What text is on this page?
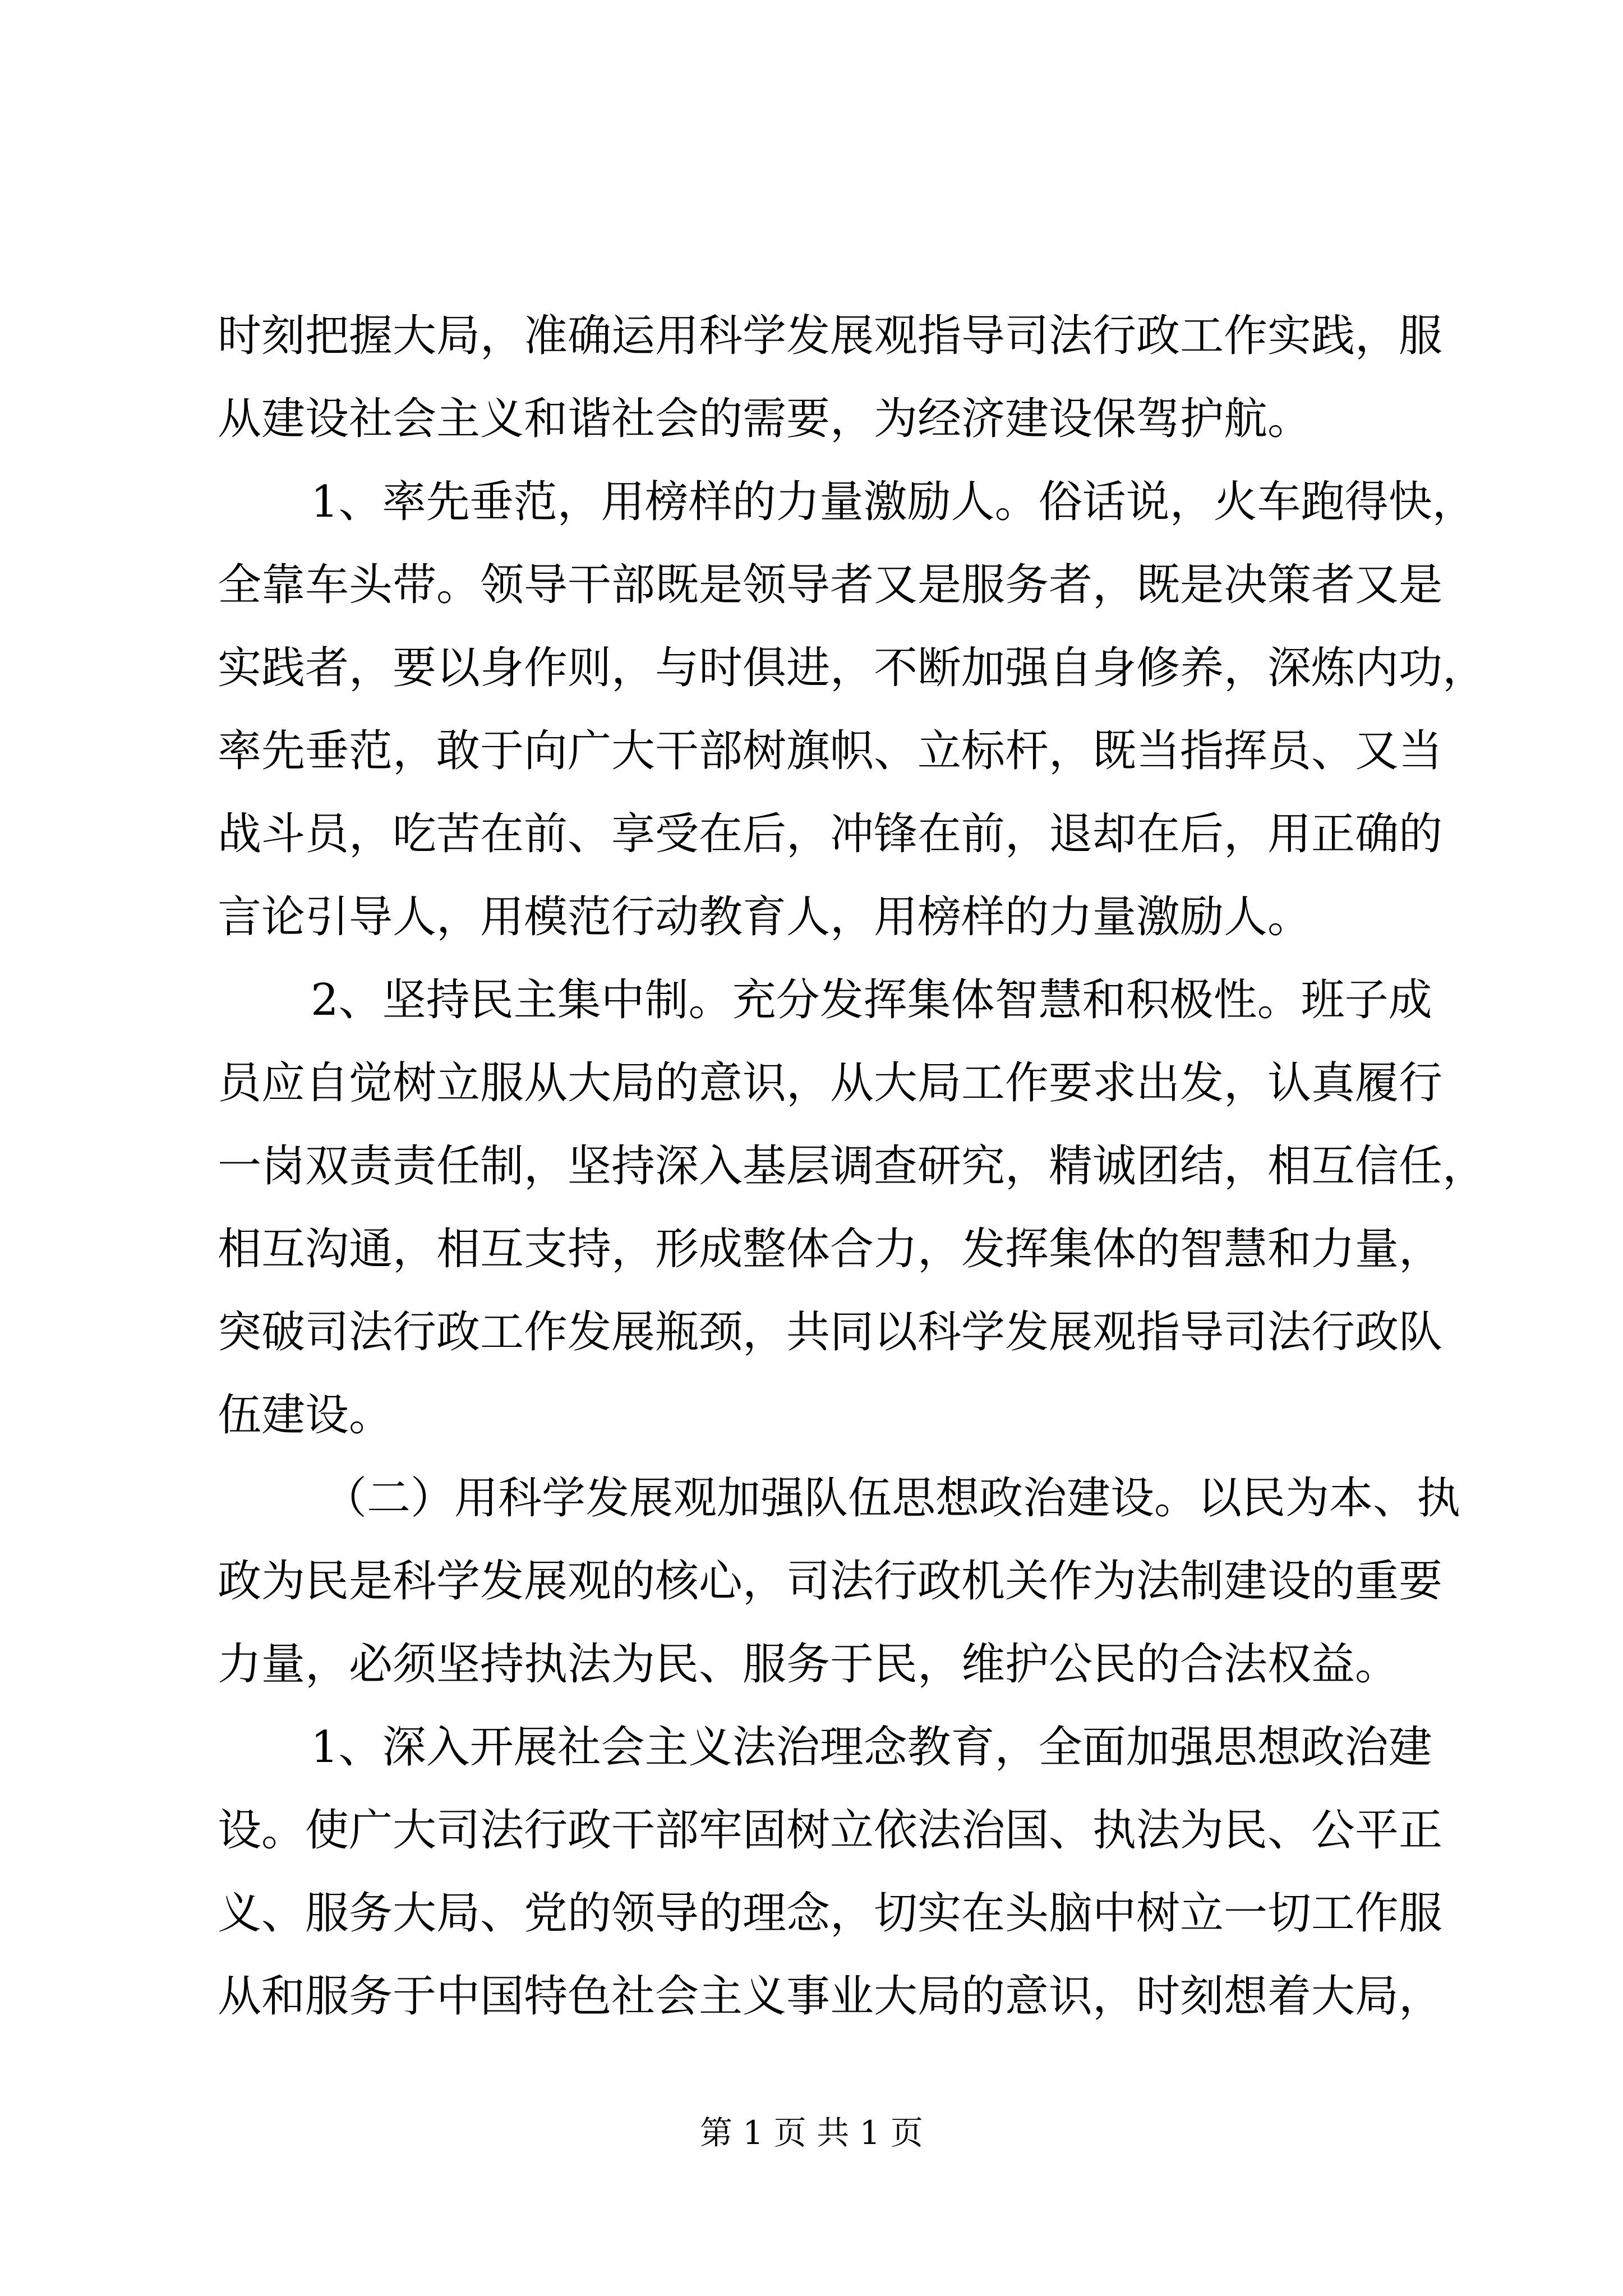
时刻把握大局，准确运用科学发展观指导司法行政工作实践，服
从建设社会主义和谐社会的需要，为经济建设保驾护航。
1、率先垂范，用榜样的力量激励人。俗话说，火车跑得快，
全靠车头带。领导干部既是领导者又是服务者，既是决策者又是
实践者，要以身作则，与时俱进，不断加强自身修养，深炼内功，
率先垂范，敢于向广大干部树旗帜、立标杆，既当指挥员、又当
战斗员，吃苦在前、享受在后，冲锋在前，退却在后，用正确的
言论引导人，用模范行动教育人，用榜样的力量激励人。
2、坚持民主集中制。充分发挥集体智慧和积极性。班子成
员应自觉树立服从大局的意识，从大局工作要求出发，认真履行
一岗双责责任制，坚持深入基层调查研究，精诚团结，相互信任，
相互沟通，相互支持，形成整体合力，发挥集体的智慧和力量，
突破司法行政工作发展瓶颈，共同以科学发展观指导司法行政队
伍建设。
（二）用科学发展观加强队伍思想政治建设。以民为本、执
政为民是科学发展观的核心，司法行政机关作为法制建设的重要
力量，必须坚持执法为民、服务于民，维护公民的合法权益。
1、深入开展社会主义法治理念教育，全面加强思想政治建
设。使广大司法行政干部牢固树立依法治国、执法为民、公平正
义、服务大局、党的领导的理念，切实在头脑中树立一切工作服
从和服务于中国特色社会主义事业大局的意识，时刻想着大局，
第 1 页 共 1 页
